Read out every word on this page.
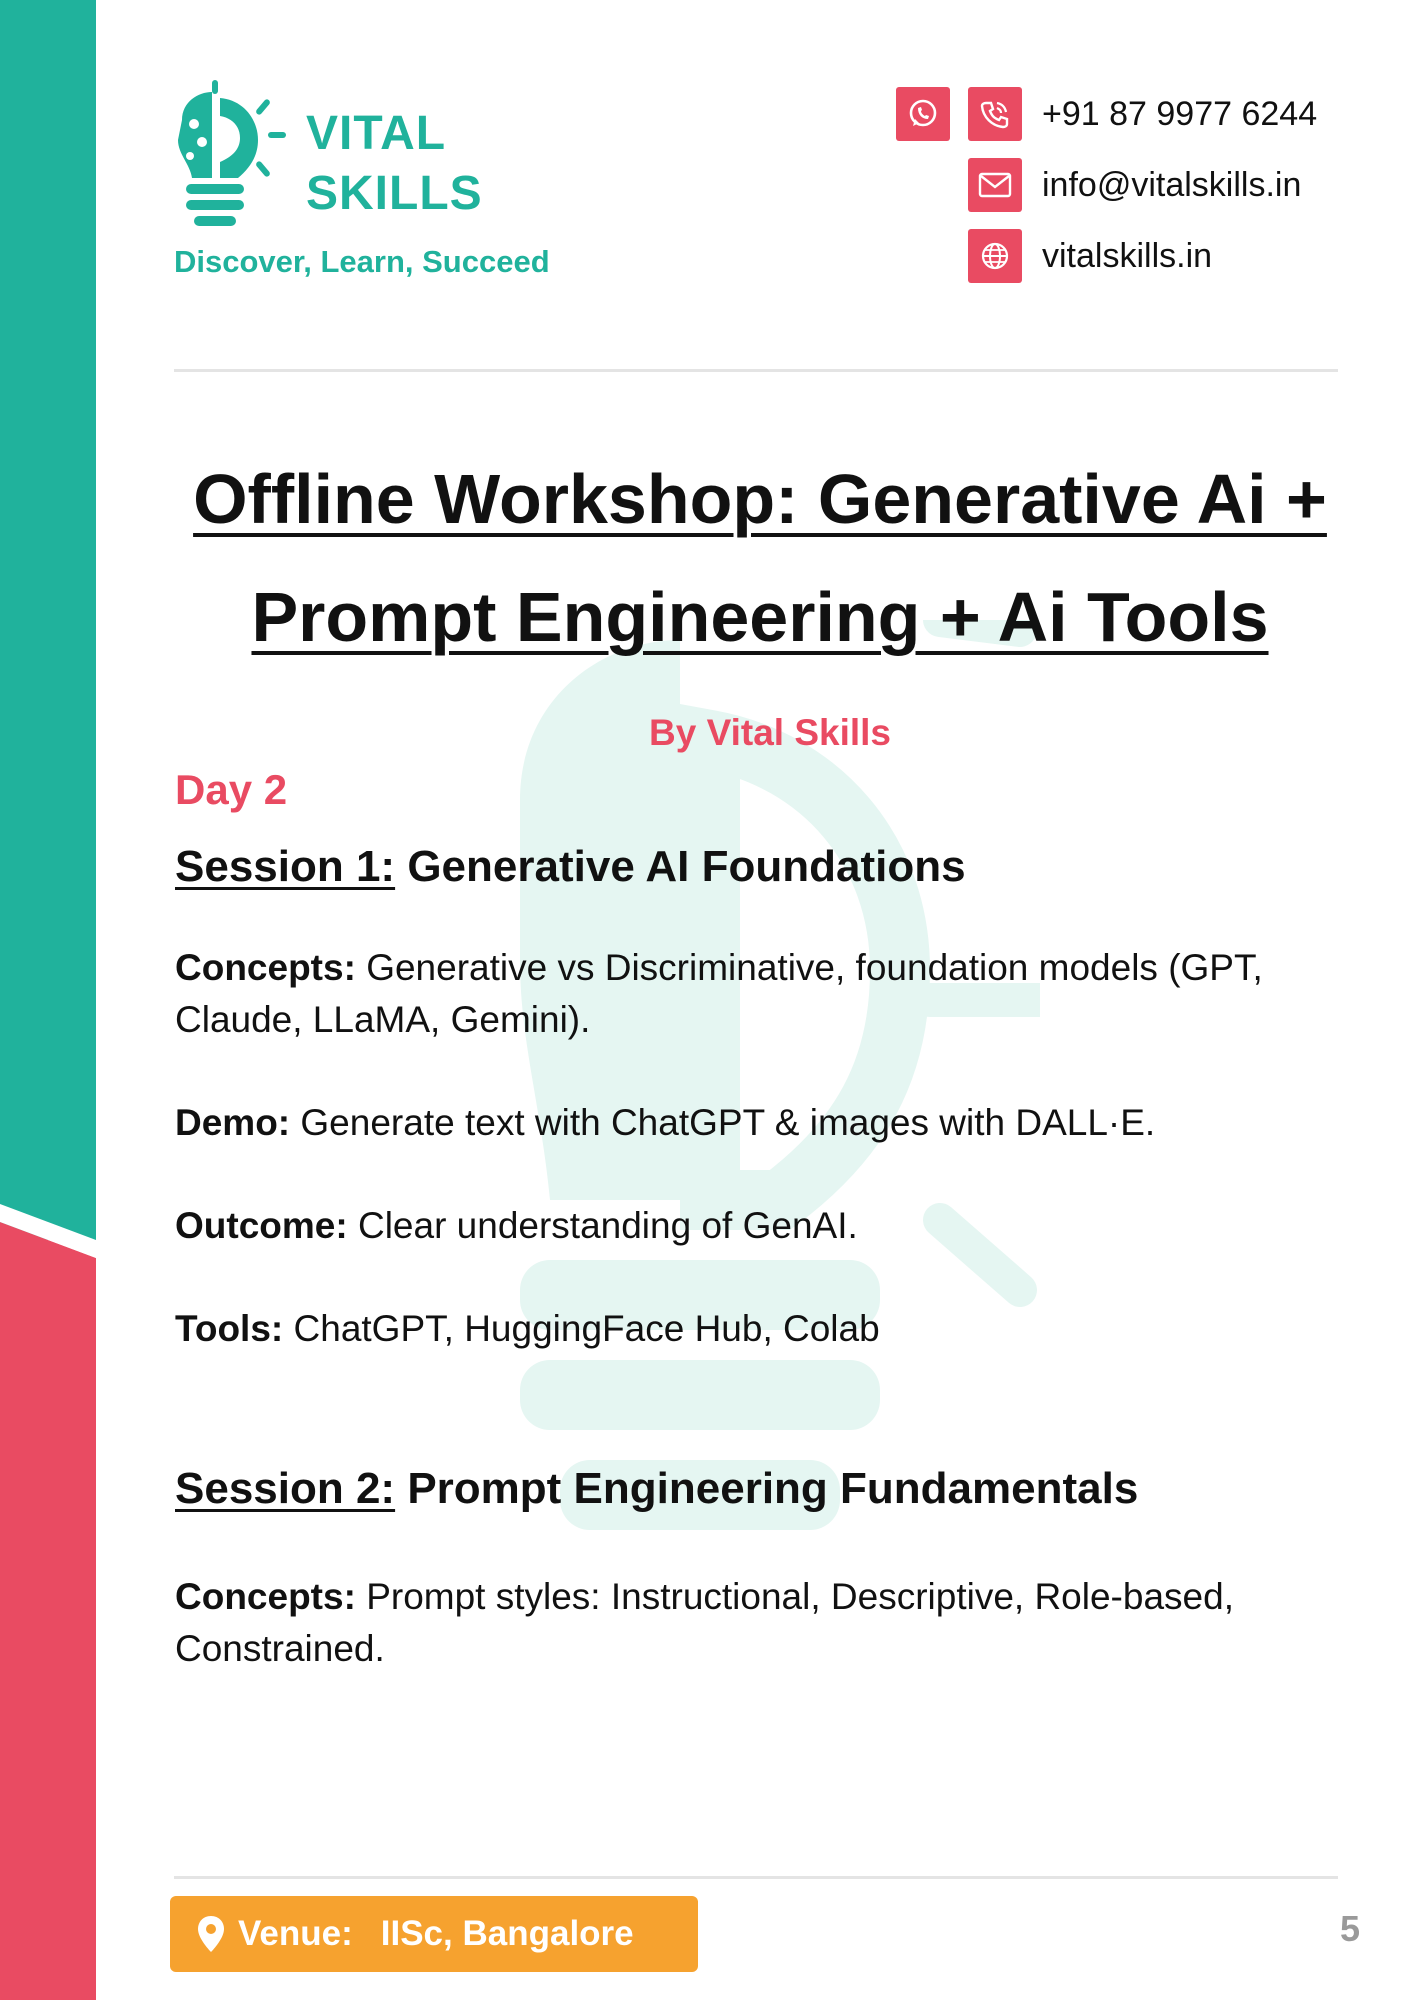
VITAL
SKILLS
Discover, Learn, Succeed
+91 87 9977 6244
info@vitalskills.in
vitalskills.in
Offline Workshop: Generative Ai +
Prompt Engineering + Ai Tools
By Vital Skills
Day 2
Session 1: Generative AI Foundations
Concepts: Generative vs Discriminative, foundation models (GPT, Claude, LLaMA, Gemini).
Demo: Generate text with ChatGPT & images with DALL·E.
Outcome: Clear understanding of GenAI.
Tools: ChatGPT, HuggingFace Hub, Colab
Session 2: Prompt Engineering Fundamentals
Concepts: Prompt styles: Instructional, Descriptive, Role-based, Constrained.
Venue: IISc, Bangalore	5
